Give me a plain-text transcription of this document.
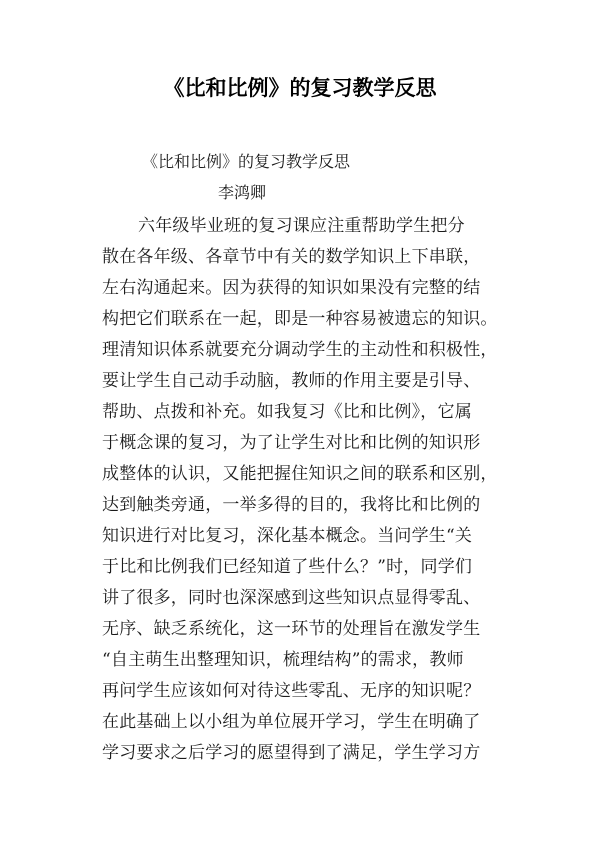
《比和比例》的复习教学反思
《比和比例》的复习教学反思
李鸿卿
六年级毕业班的复习课应注重帮助学生把分
散在各年级、各章节中有关的数学知识上下串联，
左右沟通起来。因为获得的知识如果没有完整的结
构把它们联系在一起，即是一种容易被遗忘的知识。
理清知识体系就要充分调动学生的主动性和积极性，
要让学生自己动手动脑，教师的作用主要是引导、
帮助、点拨和补充。如我复习《比和比例》，它属
于概念课的复习，为了让学生对比和比例的知识形
成整体的认识，又能把握住知识之间的联系和区别，
达到触类旁通，一举多得的目的，我将比和比例的
知识进行对比复习，深化基本概念。当问学生“关
于比和比例我们已经知道了些什么？”时，同学们
讲了很多，同时也深深感到这些知识点显得零乱、
无序、缺乏系统化，这一环节的处理旨在激发学生
“自主萌生出整理知识，梳理结构”的需求，教师
再问学生应该如何对待这些零乱、无序的知识呢？
在此基础上以小组为单位展开学习，学生在明确了
学习要求之后学习的愿望得到了满足，学生学习方
